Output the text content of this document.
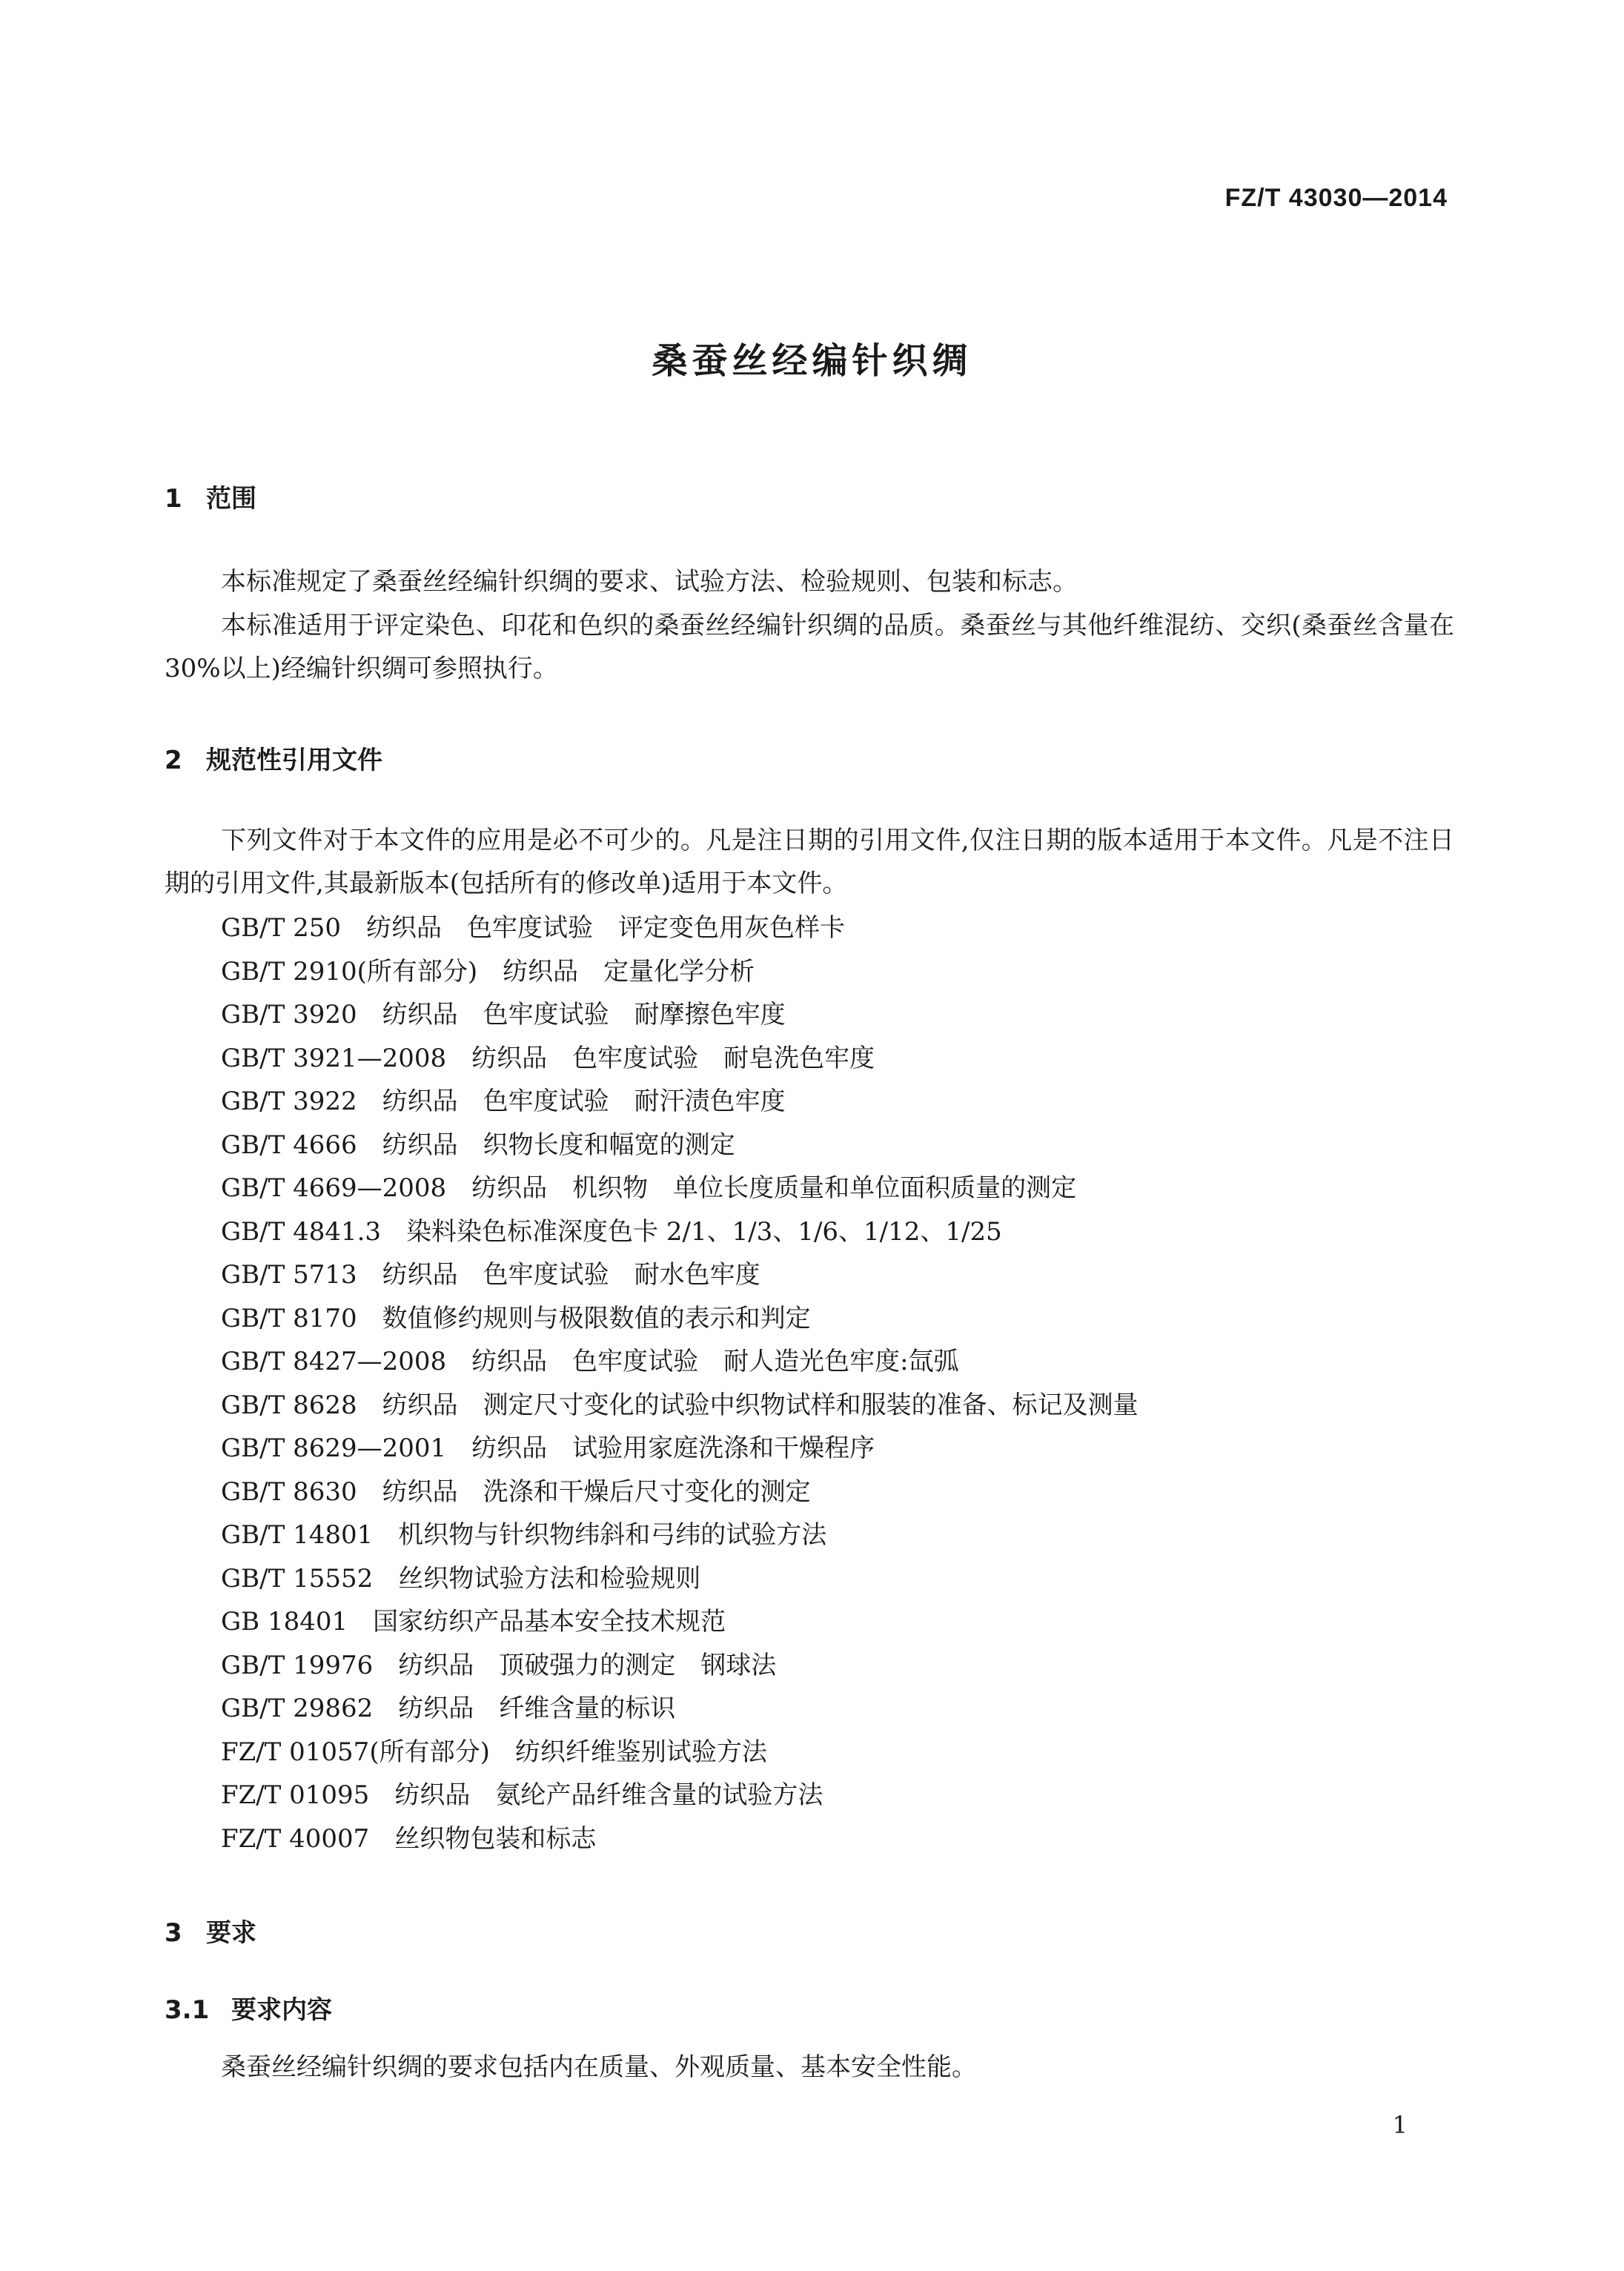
FZ/T 43030—2014
桑蚕丝经编针织绸
1 范围

本标准规定了桑蚕丝经编针织绸的要求、试验方法、检验规则、包装和标志。

本标准适用于评定染色、印花和色织的桑蚕丝经编针织绸的品质。桑蚕丝与其他纤维混纺、交织(桑蚕丝含量在 30%以上)经编针织绸可参照执行。

2 规范性引用文件

下列文件对于本文件的应用是必不可少的。凡是注日期的引用文件,仅注日期的版本适用于本文件。凡是不注日期的引用文件,其最新版本(包括所有的修改单)适用于本文件。

GB/T 250　 纺织品　色牢度试验　评定变色用灰色样卡
GB/T 2910(所有部分)　 纺织品　定量化学分析
GB/T 3920　 纺织品　色牢度试验　耐摩擦色牢度
GB/T 3921—2008　 纺织品　色牢度试验　耐皂洗色牢度
GB/T 3922　 纺织品　色牢度试验　耐汗渍色牢度
GB/T 4666　 纺织品　织物长度和幅宽的测定
GB/T 4669—2008　 纺织品　机织物　单位长度质量和单位面积质量的测定
GB/T 4841.3　 染料染色标准深度色卡 2/1、1/3、1/6、1/12、1/25
GB/T 5713　 纺织品　色牢度试验　耐水色牢度
GB/T 8170　 数值修约规则与极限数值的表示和判定
GB/T 8427—2008　 纺织品　色牢度试验　耐人造光色牢度:氙弧
GB/T 8628　 纺织品　测定尺寸变化的试验中织物试样和服装的准备、标记及测量
GB/T 8629—2001　 纺织品　试验用家庭洗涤和干燥程序
GB/T 8630　 纺织品　洗涤和干燥后尺寸变化的测定
GB/T 14801　 机织物与针织物纬斜和弓纬的试验方法
GB/T 15552　 丝织物试验方法和检验规则
GB 18401　 国家纺织产品基本安全技术规范
GB/T 19976　 纺织品　顶破强力的测定　钢球法
GB/T 29862　 纺织品　纤维含量的标识
FZ/T 01057(所有部分)　 纺织纤维鉴别试验方法
FZ/T 01095　 纺织品　氨纶产品纤维含量的试验方法
FZ/T 40007　 丝织物包装和标志
3 要求
3.1 要求内容

桑蚕丝经编针织绸的要求包括内在质量、外观质量、基本安全性能。

1
